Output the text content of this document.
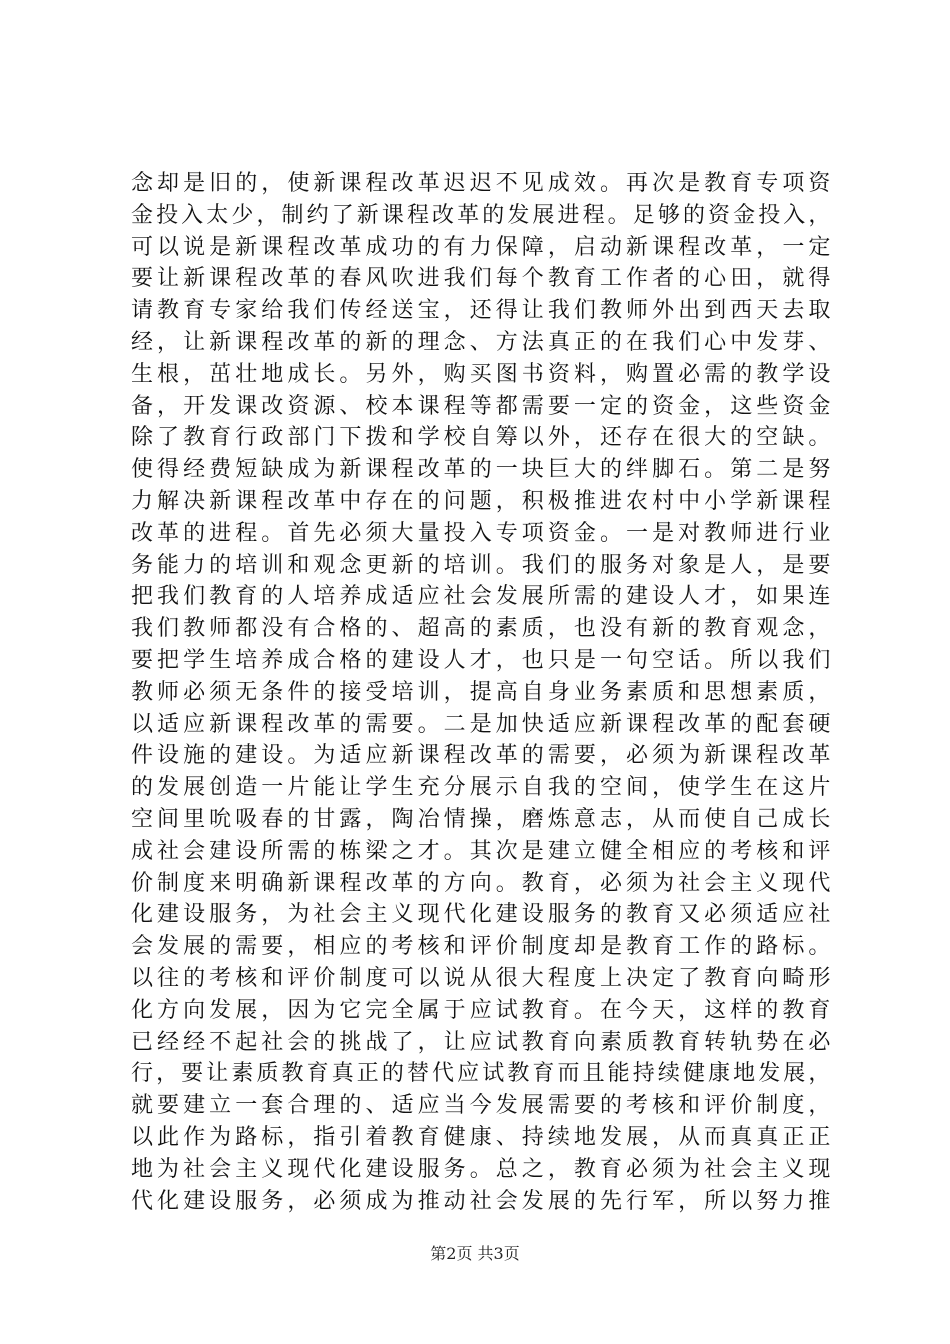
念却是旧的，使新课程改革迟迟不见成效。再次是教育专项资
金投入太少，制约了新课程改革的发展进程。足够的资金投入，
可以说是新课程改革成功的有力保障，启动新课程改革，一定
要让新课程改革的春风吹进我们每个教育工作者的心田，就得
请教育专家给我们传经送宝，还得让我们教师外出到西天去取
经，让新课程改革的新的理念、方法真正的在我们心中发芽、
生根，茁壮地成长。另外，购买图书资料，购置必需的教学设
备，开发课改资源、校本课程等都需要一定的资金，这些资金
除了教育行政部门下拨和学校自筹以外，还存在很大的空缺。
使得经费短缺成为新课程改革的一块巨大的绊脚石。第二是努
力解决新课程改革中存在的问题，积极推进农村中小学新课程
改革的进程。首先必须大量投入专项资金。一是对教师进行业
务能力的培训和观念更新的培训。我们的服务对象是人，是要
把我们教育的人培养成适应社会发展所需的建设人才，如果连
我们教师都没有合格的、超高的素质，也没有新的教育观念，
要把学生培养成合格的建设人才，也只是一句空话。所以我们
教师必须无条件的接受培训，提高自身业务素质和思想素质，
以适应新课程改革的需要。二是加快适应新课程改革的配套硬
件设施的建设。为适应新课程改革的需要，必须为新课程改革
的发展创造一片能让学生充分展示自我的空间，使学生在这片
空间里吮吸春的甘露，陶冶情操，磨炼意志，从而使自己成长
成社会建设所需的栋梁之才。其次是建立健全相应的考核和评
价制度来明确新课程改革的方向。教育，必须为社会主义现代
化建设服务，为社会主义现代化建设服务的教育又必须适应社
会发展的需要，相应的考核和评价制度却是教育工作的路标。
以往的考核和评价制度可以说从很大程度上决定了教育向畸形
化方向发展，因为它完全属于应试教育。在今天，这样的教育
已经经不起社会的挑战了，让应试教育向素质教育转轨势在必
行，要让素质教育真正的替代应试教育而且能持续健康地发展，
就要建立一套合理的、适应当今发展需要的考核和评价制度，
以此作为路标，指引着教育健康、持续地发展，从而真真正正
地为社会主义现代化建设服务。总之，教育必须为社会主义现
代化建设服务，必须成为推动社会发展的先行军，所以努力推
第2页 共3页
